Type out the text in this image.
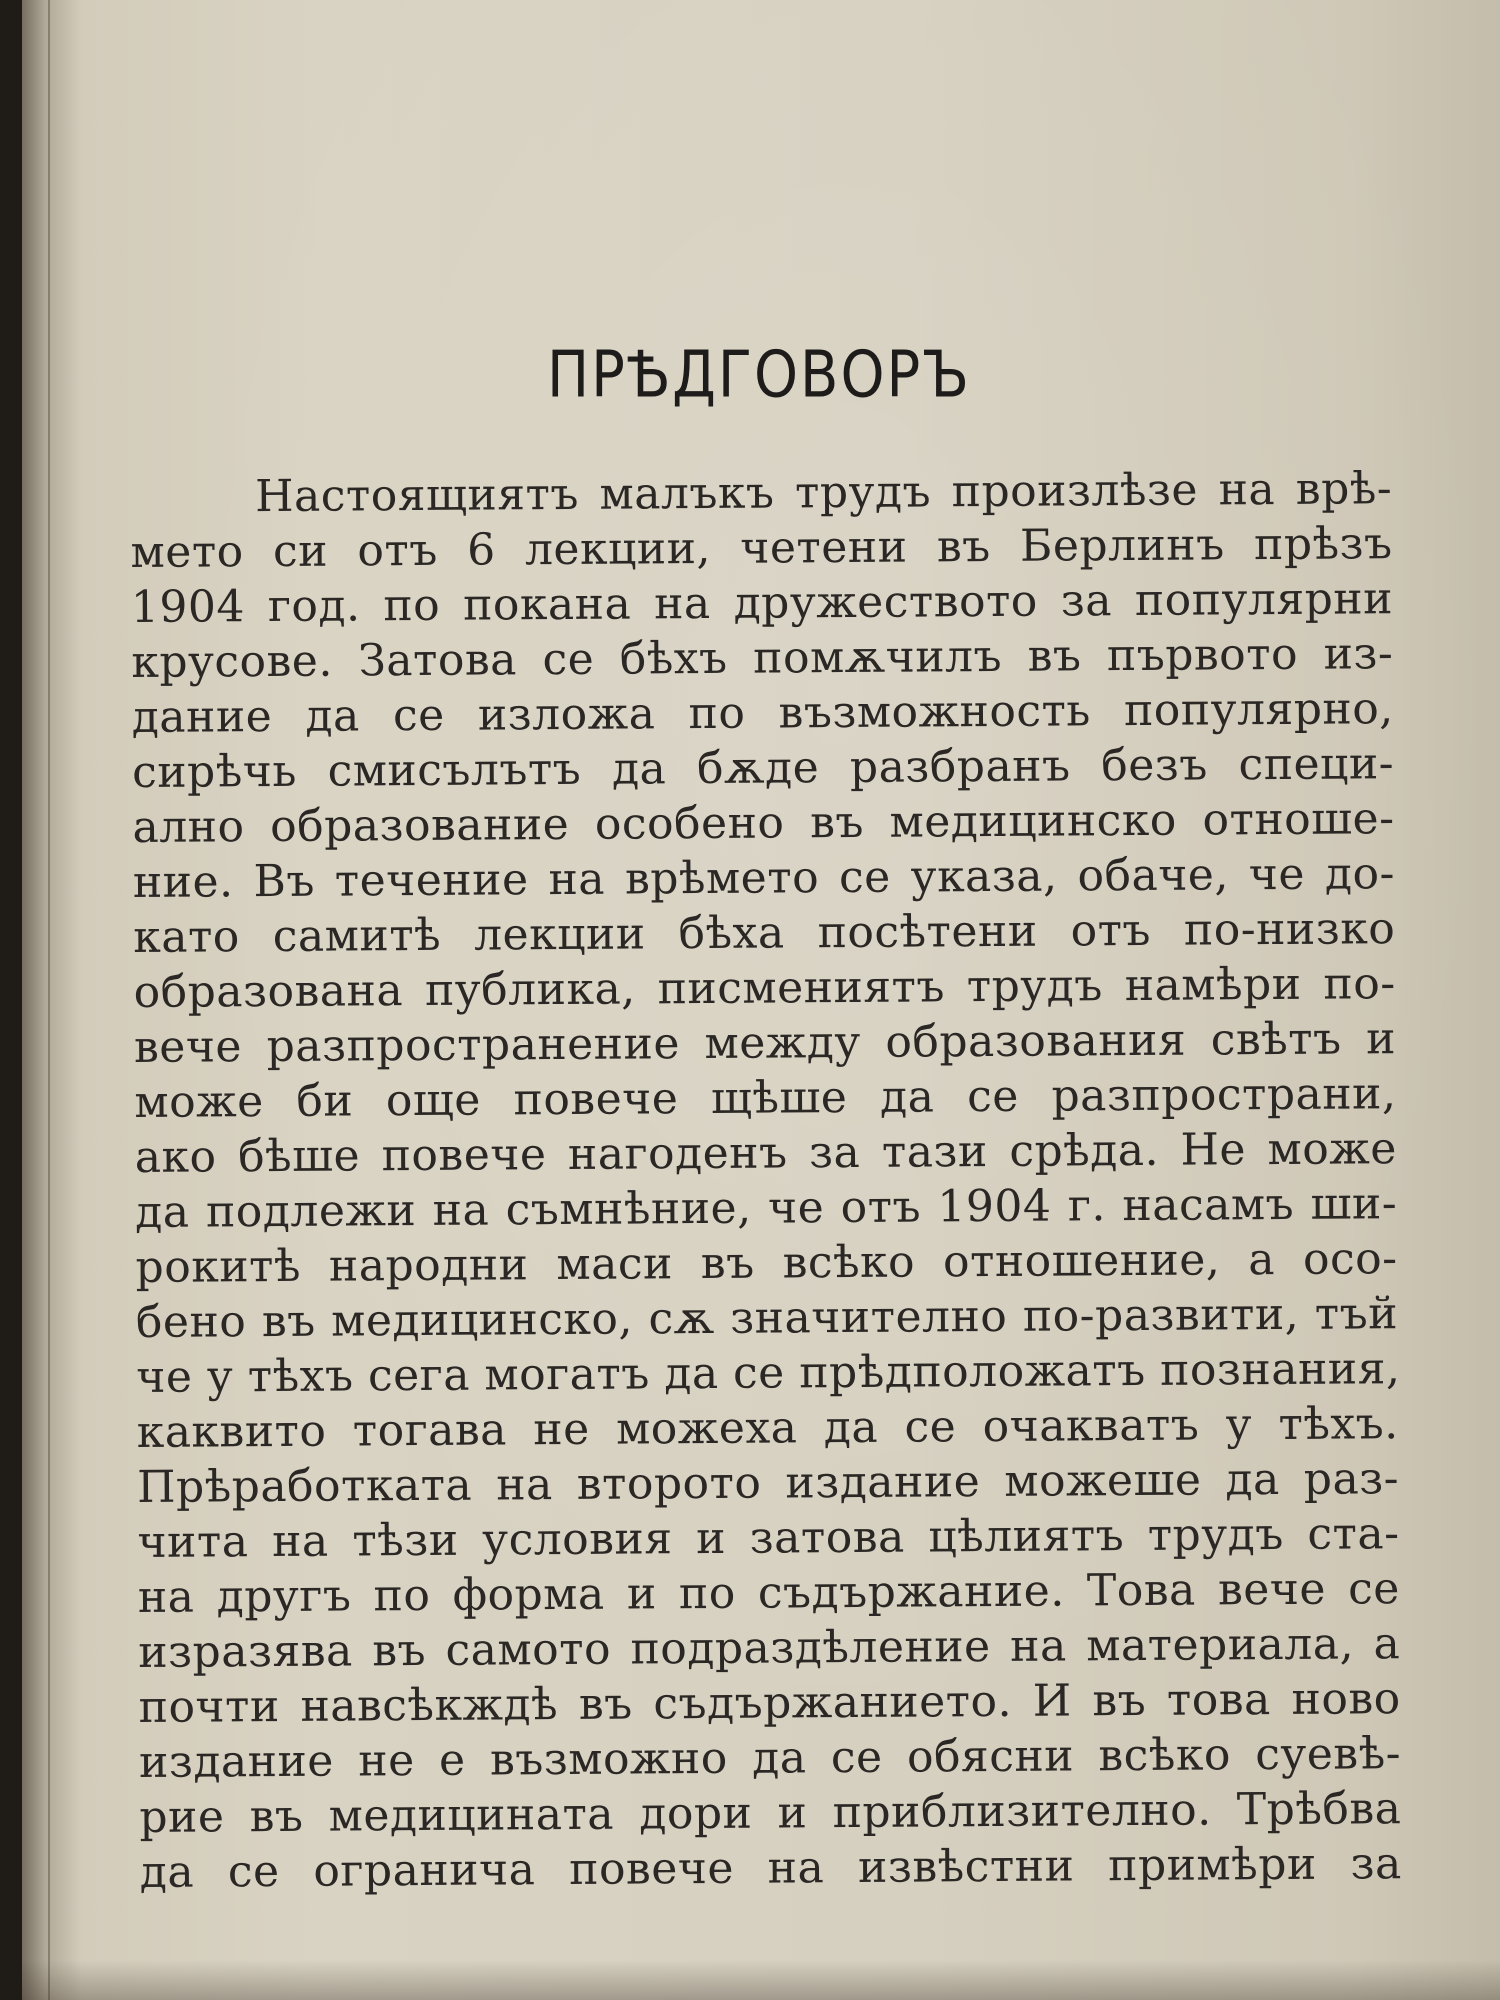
ПРѢДГОВОРЪ
Настоящиятъ малъкъ трудъ произлѣзе на врѣ-
мето си отъ 6 лекции, четени въ Берлинъ прѣзъ
1904 год. по покана на дружеството за популярни
крусове. Затова се бѣхъ помѫчилъ въ първото из-
дание да се изложа по възможность популярно,
сирѣчь смисълътъ да бѫде разбранъ безъ специ-
ално образование особено въ медицинско отноше-
ние. Въ течение на врѣмето се указа, обаче, че до-
като самитѣ лекции бѣха посѣтени отъ по-низко
образована публика, писмениятъ трудъ намѣри по-
вече разпространение между образования свѣтъ и
може би още повече щѣше да се разпространи,
ако бѣше повече нагоденъ за тази срѣда. Не може
да подлежи на съмнѣние, че отъ 1904 г. насамъ ши-
рокитѣ народни маси въ всѣко отношение, а осо-
бено въ медицинско, сѫ значително по-развити, тъй
че у тѣхъ сега могатъ да се прѣдположатъ познания,
каквито тогава не можеха да се очакватъ у тѣхъ.
Прѣработката на второто издание можеше да раз-
чита на тѣзи условия и затова цѣлиятъ трудъ ста-
на другъ по форма и по съдържание. Това вече се
изразява въ самото подраздѣление на материала, а
почти навсѣкждѣ въ съдържанието. И въ това ново
издание не е възможно да се обясни всѣко суевѣ-
рие въ медицината дори и приблизително. Трѣбва
да се ограничa повече на извѣстни примѣри за
